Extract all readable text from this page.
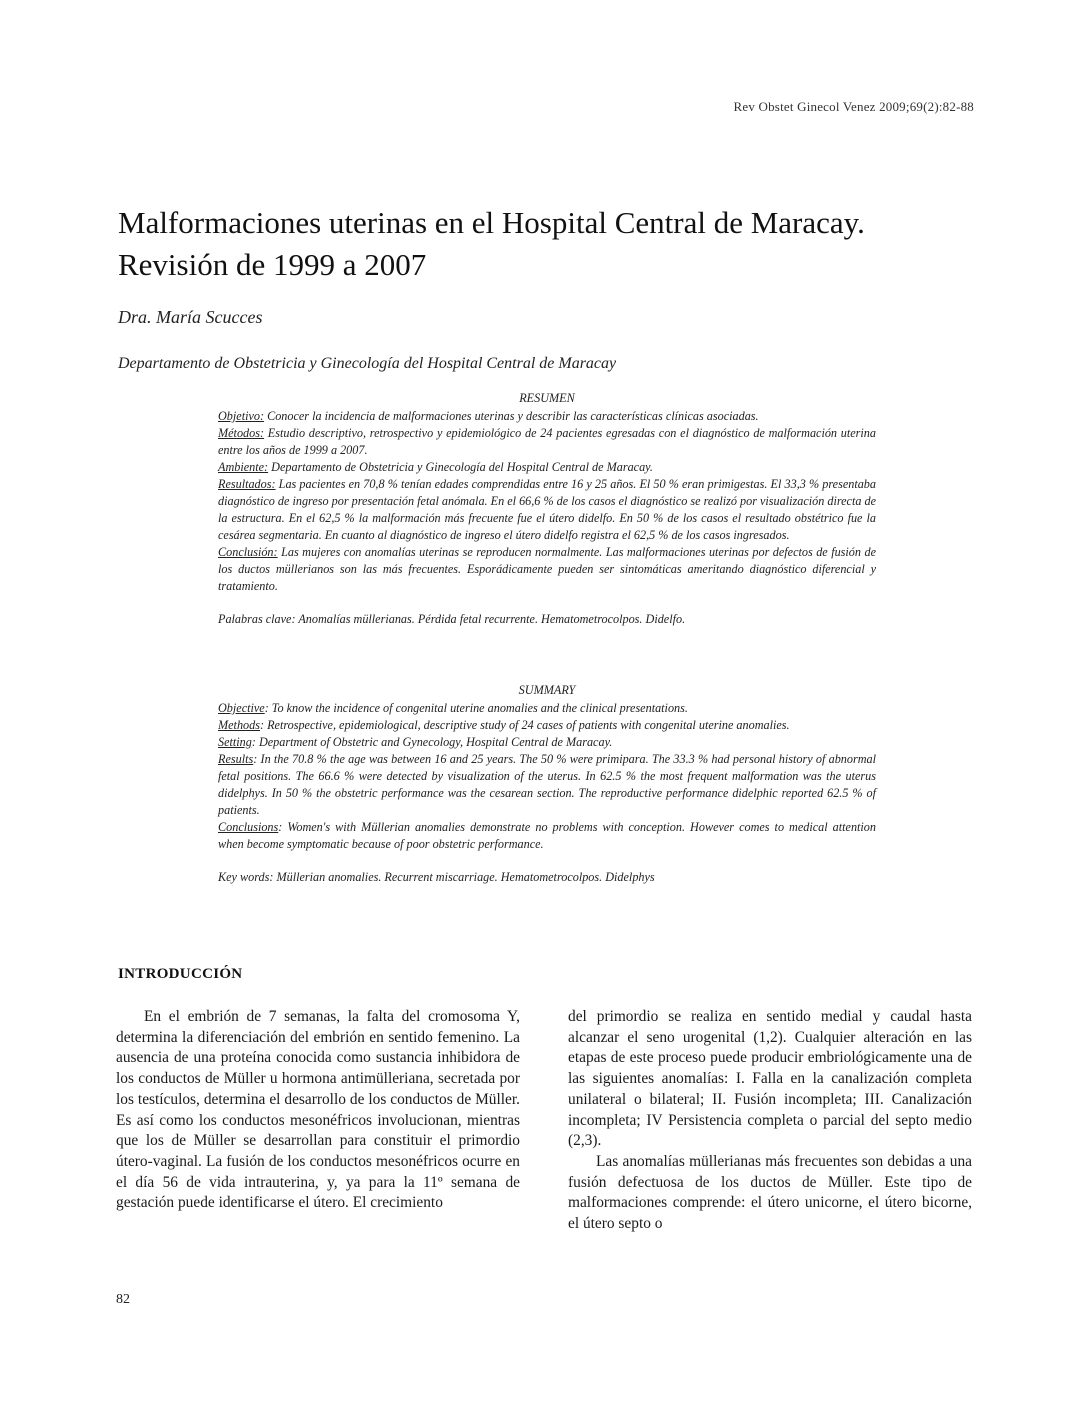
Rev Obstet Ginecol Venez 2009;69(2):82-88
Malformaciones uterinas en el Hospital Central de Maracay.
Revisión de 1999 a 2007
Dra. María Scucces
Departamento de Obstetricia y Ginecología del Hospital Central de Maracay
RESUMEN

Objetivo: Conocer la incidencia de malformaciones uterinas y describir las características clínicas asociadas.

Métodos: Estudio descriptivo, retrospectivo y epidemiológico de 24 pacientes egresadas con el diagnóstico de malformación uterina entre los años de 1999 a 2007.

Ambiente: Departamento de Obstetricia y Ginecología del Hospital Central de Maracay.

Resultados: Las pacientes en 70,8 % tenían edades comprendidas entre 16 y 25 años. El 50 % eran primigestas. El 33,3 % presentaba diagnóstico de ingreso por presentación fetal anómala. En el 66,6 % de los casos el diagnóstico se realizó por visualización directa de la estructura. En el 62,5 % la malformación más frecuente fue el útero didelfo. En 50 % de los casos el resultado obstétrico fue la cesárea segmentaria. En cuanto al diagnóstico de ingreso el útero didelfo registra el 62,5 % de los casos ingresados.

Conclusión: Las mujeres con anomalías uterinas se reproducen normalmente. Las malformaciones uterinas por defectos de fusión de los ductos müllerianos son las más frecuentes. Esporádicamente pueden ser sintomáticas ameritando diagnóstico diferencial y tratamiento.

Palabras clave: Anomalías müllerianas. Pérdida fetal recurrente. Hematometrocolpos. Didelfo.

SUMMARY

Objective: To know the incidence of congenital uterine anomalies and the clinical presentations.

Methods: Retrospective, epidemiological, descriptive study of 24 cases of patients with congenital uterine anomalies.

Setting: Department of Obstetric and Gynecology, Hospital Central de Maracay.

Results: In the 70.8 % the age was between 16 and 25 years. The 50 % were primipara. The 33.3 % had personal history of abnormal fetal positions. The 66.6 % were detected by visualization of the uterus. In 62.5 % the most frequent malformation was the uterus didelphys. In 50 % the obstetric performance was the cesarean section. The reproductive performance didelphic reported 62.5 % of patients.

Conclusions: Women's with Müllerian anomalies demonstrate no problems with conception. However comes to medical attention when become symptomatic because of poor obstetric performance.

Key words: Müllerian anomalies. Recurrent miscarriage. Hematometrocolpos. Didelphys

INTRODUCCIÓN

En el embrión de 7 semanas, la falta del cromosoma Y, determina la diferenciación del embrión en sentido femenino. La ausencia de una proteína conocida como sustancia inhibidora de los conductos de Müller u hormona antimülleriana, secretada por los testículos, determina el desarrollo de los conductos de Müller. Es así como los conductos mesonéfricos involucionan, mientras que los de Müller se desarrollan para constituir el primordio útero-vaginal. La fusión de los conductos mesonéfricos ocurre en el día 56 de vida intrauterina, y, ya para la 11º semana de gestación puede identificarse el útero. El crecimiento

del primordio se realiza en sentido medial y caudal hasta alcanzar el seno urogenital (1,2). Cualquier alteración en las etapas de este proceso puede producir embriológicamente una de las siguientes anomalías: I. Falla en la canalización completa unilateral o bilateral; II. Fusión incompleta; III. Canalización incompleta; IV Persistencia completa o parcial del septo medio (2,3).

Las anomalías müllerianas más frecuentes son debidas a una fusión defectuosa de los ductos de Müller. Este tipo de malformaciones comprende: el útero unicorne, el útero bicorne, el útero septo o

82
